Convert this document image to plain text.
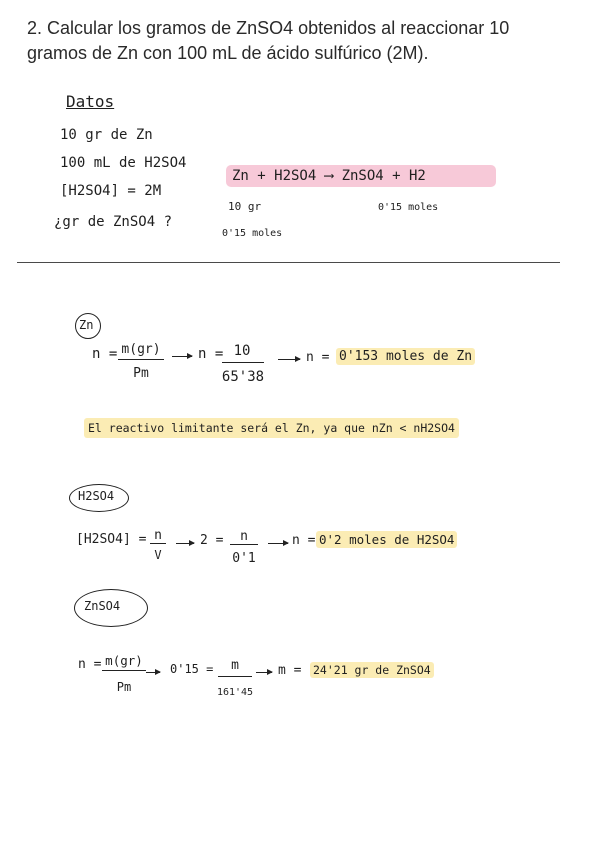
2. Calcular los gramos de ZnSO4 obtenidos al reaccionar 10
gramos de Zn con 100 mL de ácido sulfúrico (2M).
Datos
10 gr de Zn
100 mL de H2SO4
[H2SO4] = 2M
¿gr de ZnSO4 ?
Zn + H2SO4 ⟶ ZnSO4 + H2
10 gr	0'15 moles
0'15 moles
Zn
n = m(gr)
Pm
n = 10
65'38
n = 0'153 moles de Zn
El reactivo limitante será el Zn, ya que nZn < nH2SO4
H2SO4
[H2SO4] = n
V
2 =	n
0'1
n = 0'2 moles de H2SO4
ZnSO4
n = m(gr)
Pm
0'15 =	m
161'45
m = 24'21 gr de ZnSO4
